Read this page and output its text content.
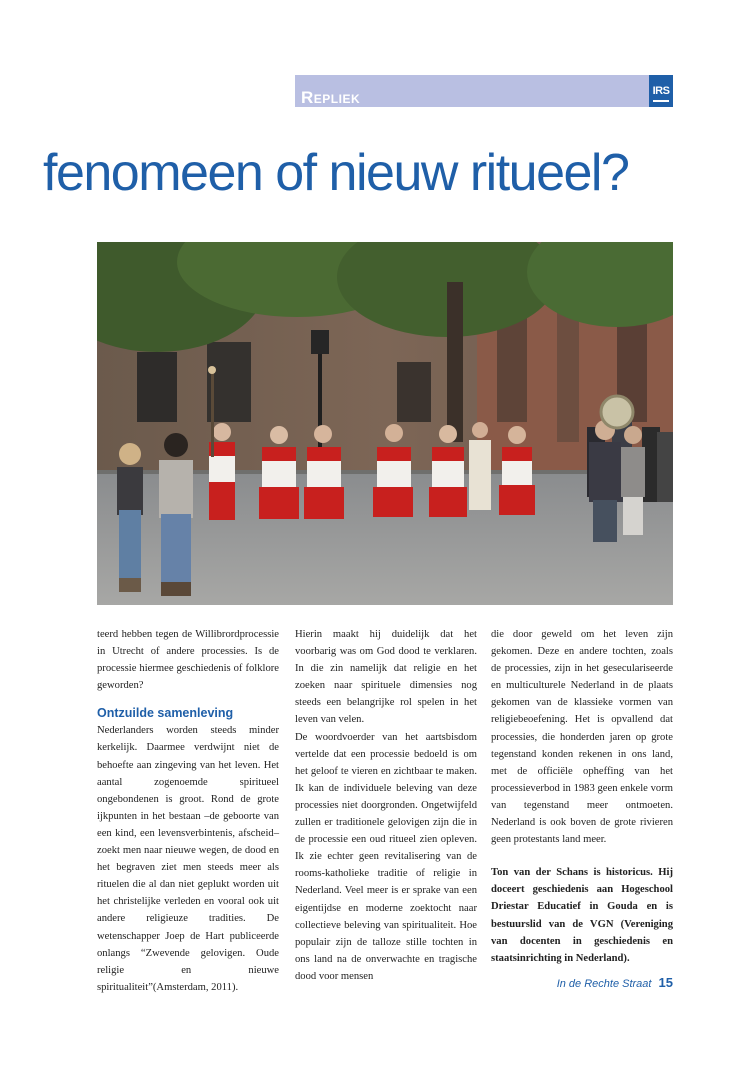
Repliek	IRS
fenomeen of nieuw ritueel?

teerd hebben tegen de Willibrordprocessie in Utrecht of andere processies. Is de processie hiermee geschiedenis of folklore geworden?

Ontzuilde samenleving

Nederlanders worden steeds minder kerkelijk. Daarmee verdwijnt niet de behoefte aan zingeving van het leven. Het aantal zogenoemde spiritueel ongebondenen is groot. Rond de grote ijkpunten in het bestaan –de geboorte van een kind, een levensverbintenis, afscheid– zoekt men naar nieuwe wegen, de dood en het begraven ziet men steeds meer als rituelen die al dan niet geplukt worden uit het christelijke verleden en vooral ook uit andere religieuze tradities. De wetenschapper Joep de Hart publiceerde onlangs “Zwevende gelovigen. Oude religie en nieuwe spiritualiteit”(Amsterdam, 2011).

Hierin maakt hij duidelijk dat het voorbarig was om God dood te verklaren. In die zin namelijk dat religie en het zoeken naar spirituele dimensies nog steeds een belangrijke rol spelen in het leven van velen.

De woordvoerder van het aartsbisdom vertelde dat een processie bedoeld is om het geloof te vieren en zichtbaar te maken. Ik kan de individuele beleving van deze processies niet doorgronden. Ongetwijfeld zullen er traditionele gelovigen zijn die in de processie een oud ritueel zien opleven. Ik zie echter geen revitalisering van de rooms-katholieke traditie of religie in Nederland. Veel meer is er sprake van een eigentijdse en moderne zoektocht naar collectieve beleving van spiritualiteit. Hoe populair zijn de talloze stille tochten in ons land na de onverwachte en tragische dood voor mensen

die door geweld om het leven zijn gekomen. Deze en andere tochten, zoals de processies, zijn in het geseculariseerde en multiculturele Nederland in de plaats gekomen van de klassieke vormen van religiebeoefening. Het is opvallend dat processies, die honderden jaren op grote tegenstand konden rekenen in ons land, met de officiële opheffing van het processieverbod in 1983 geen enkele vorm van tegenstand meer ontmoeten. Nederland is ook boven de grote rivieren geen protestants land meer.

Ton van der Schans is historicus. Hij doceert geschiedenis aan Hogeschool Driestar Educatief in Gouda en is bestuurslid van de VGN (Vereniging van docenten in geschiedenis en staatsinrichting in Nederland).

In de Rechte Straat 15
